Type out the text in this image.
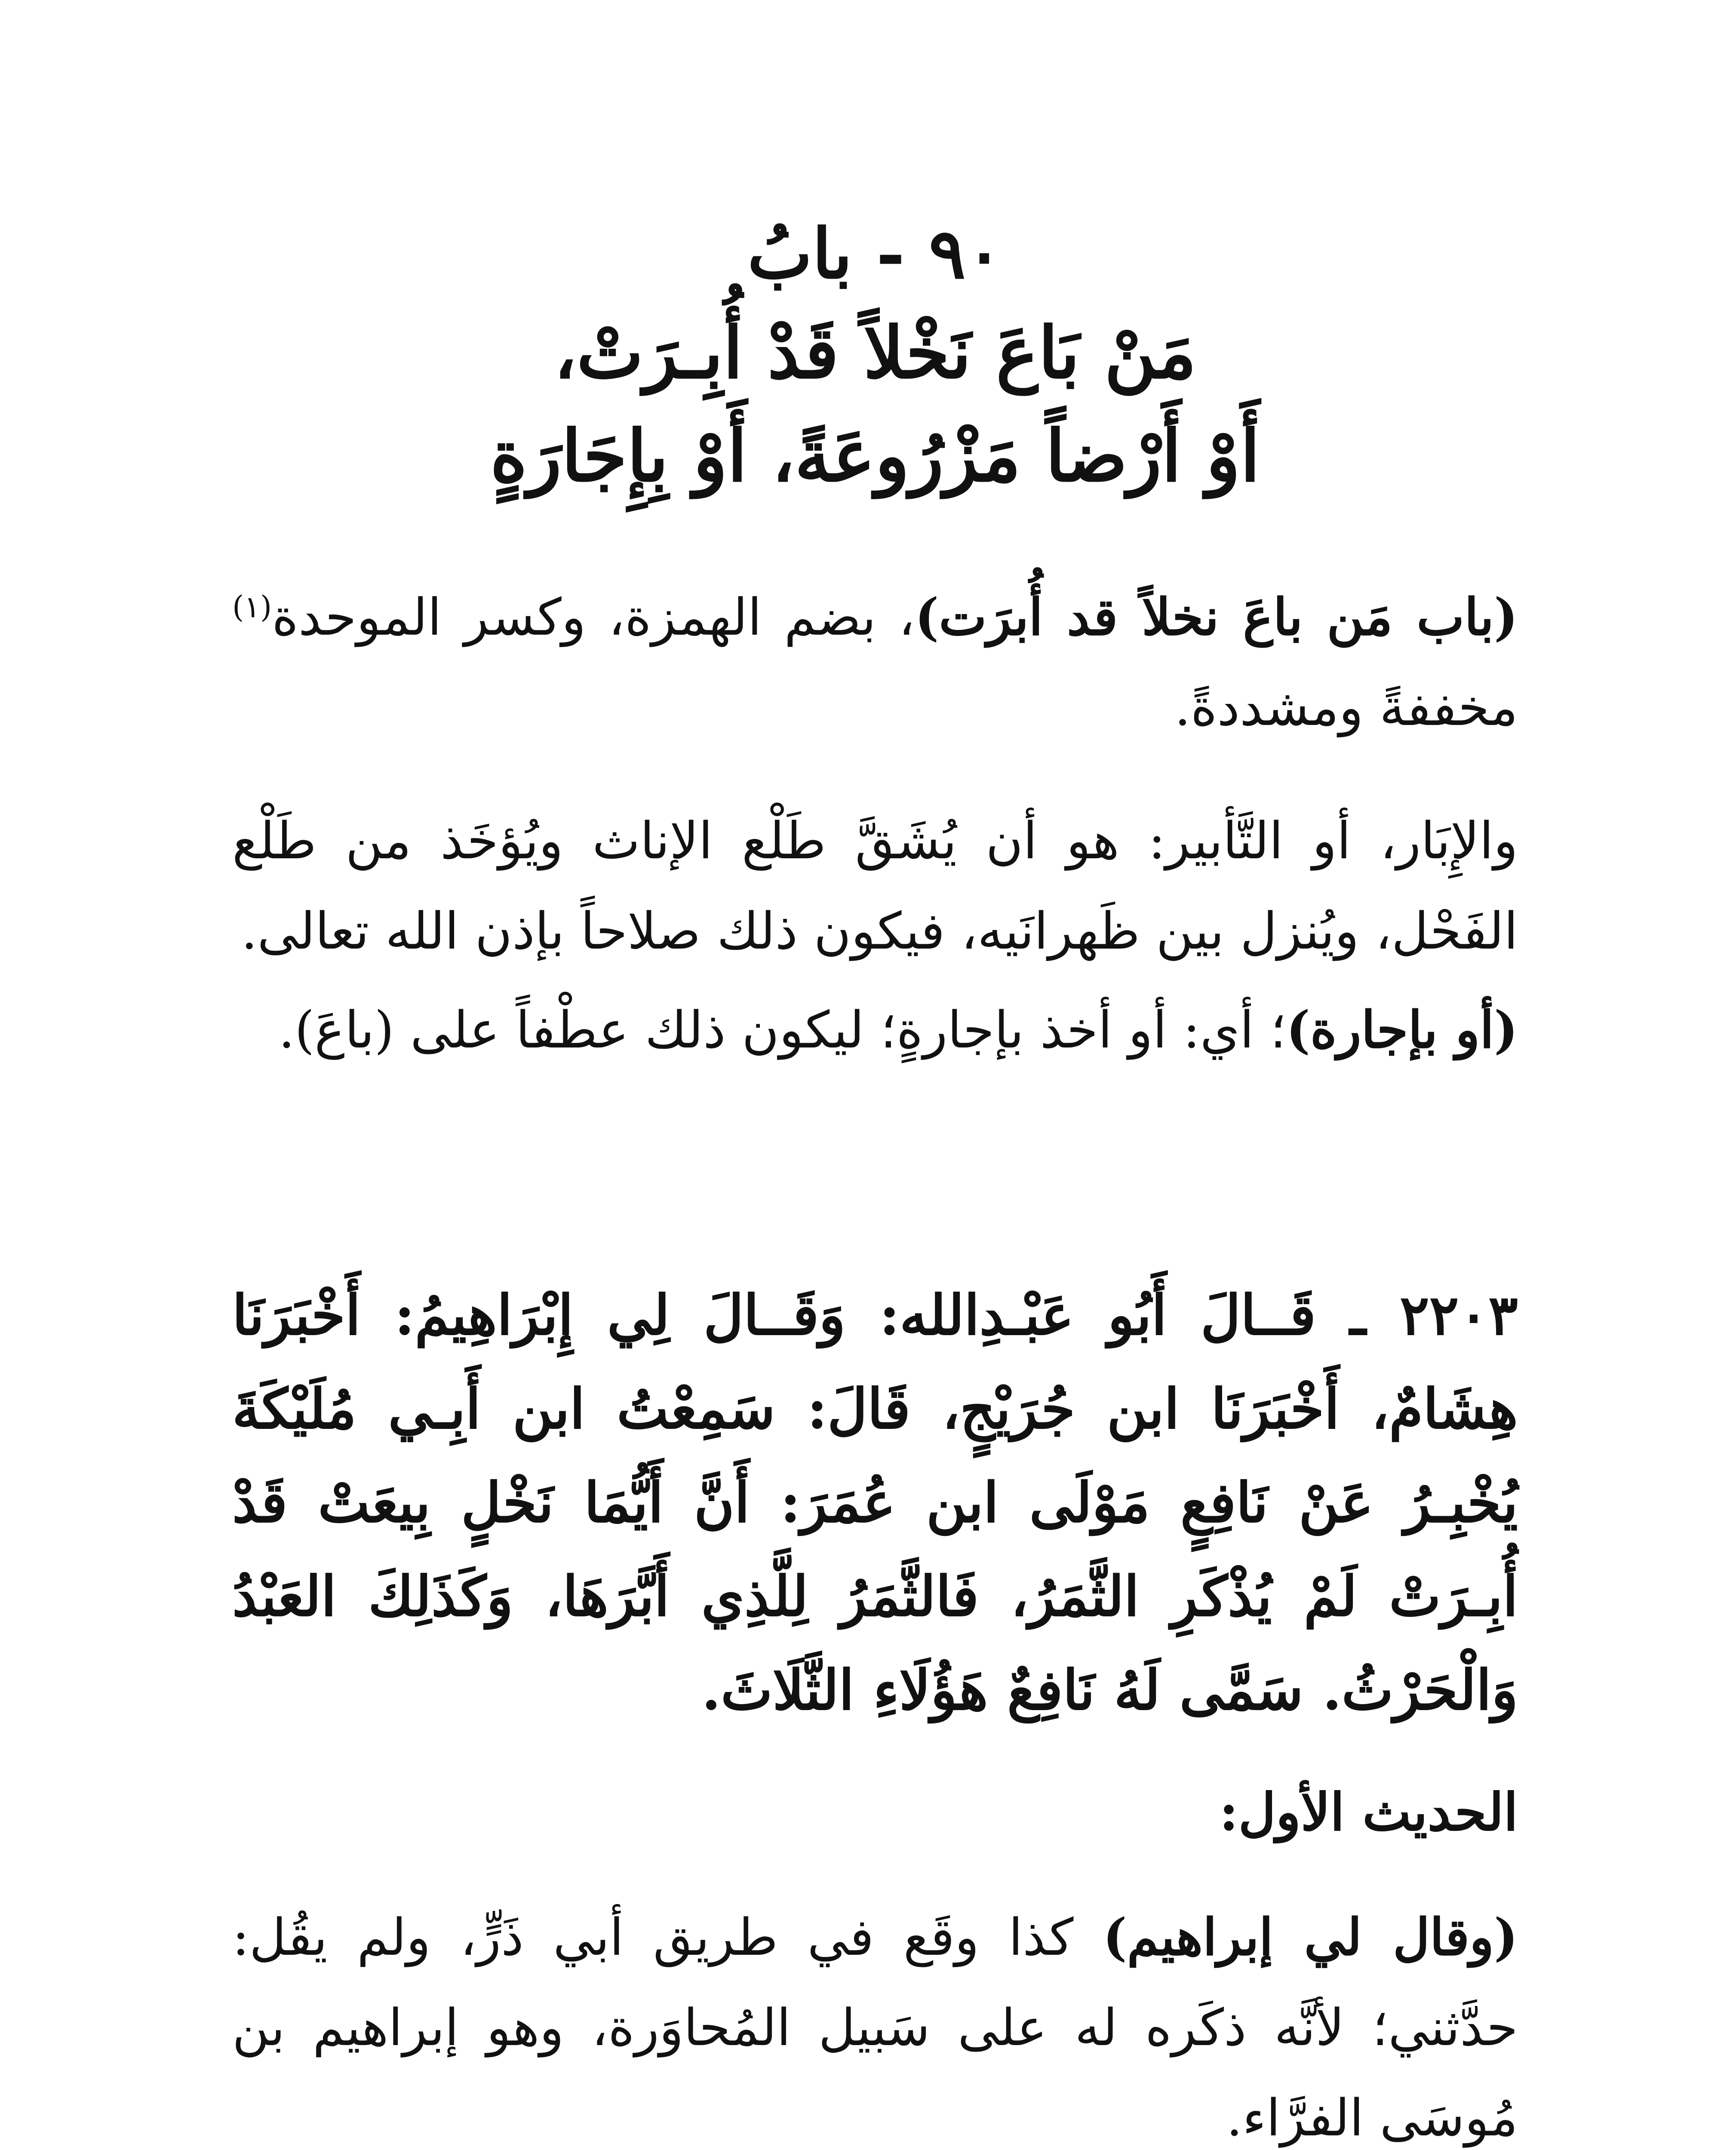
٩٠ - بابُ

مَنْ بَاعَ نَخْلاً قَدْ أُبِـرَتْ،

أَوْ أَرْضاً مَزْرُوعَةً، أَوْ بِإِجَارَةٍ

(باب مَن باعَ نخلاً قد أُبرَت)، بضم الهمزة، وكسر الموحدة$^{(١)}$ مخففةً ومشددةً.

والإِبَار، أو التَّأبير: هو أن يُشَقَّ طَلْع الإناث ويُؤخَذ من طَلْع الفَحْل، ويُنزل بين ظَهرانَيه، فيكون ذلك صلاحاً بإذن الله تعالى.

(أو بإجارة)؛ أي: أو أخذ بإجارةٍ؛ ليكون ذلك عطْفاً على (باعَ).

٢٢٠٣ ـ قَــالَ أَبُو عَبْـدِالله: وَقَــالَ لِي إِبْرَاهِيمُ: أَخْبَرَنَا هِشَامٌ، أَخْبَرَنَا ابن جُرَيْجٍ، قَالَ: سَمِعْتُ ابن أَبِـي مُلَيْكَةَ يُخْبِـرُ عَنْ نَافِعٍ مَوْلَى ابن عُمَرَ: أَنَّ أَيُّمَا نَخْلٍ بِيعَتْ قَدْ أُبِـرَتْ لَمْ يُذْكَرِ الثَّمَرُ، فَالثَّمَرُ لِلَّذِي أَبَّرَهَا، وَكَذَلِكَ العَبْدُ وَالْحَرْثُ. سَمَّى لَهُ نَافِعٌ هَؤُلَاءِ الثَّلَاثَ.

الحديث الأول:

(وقال لي إبراهيم) كذا وقَع في طريق أبي ذَرٍّ، ولم يقُل: حدَّثني؛ لأنَّه ذكَره له على سَبيل المُحاوَرة، وهو إبراهيم بن مُوسَى الفرَّاء.
